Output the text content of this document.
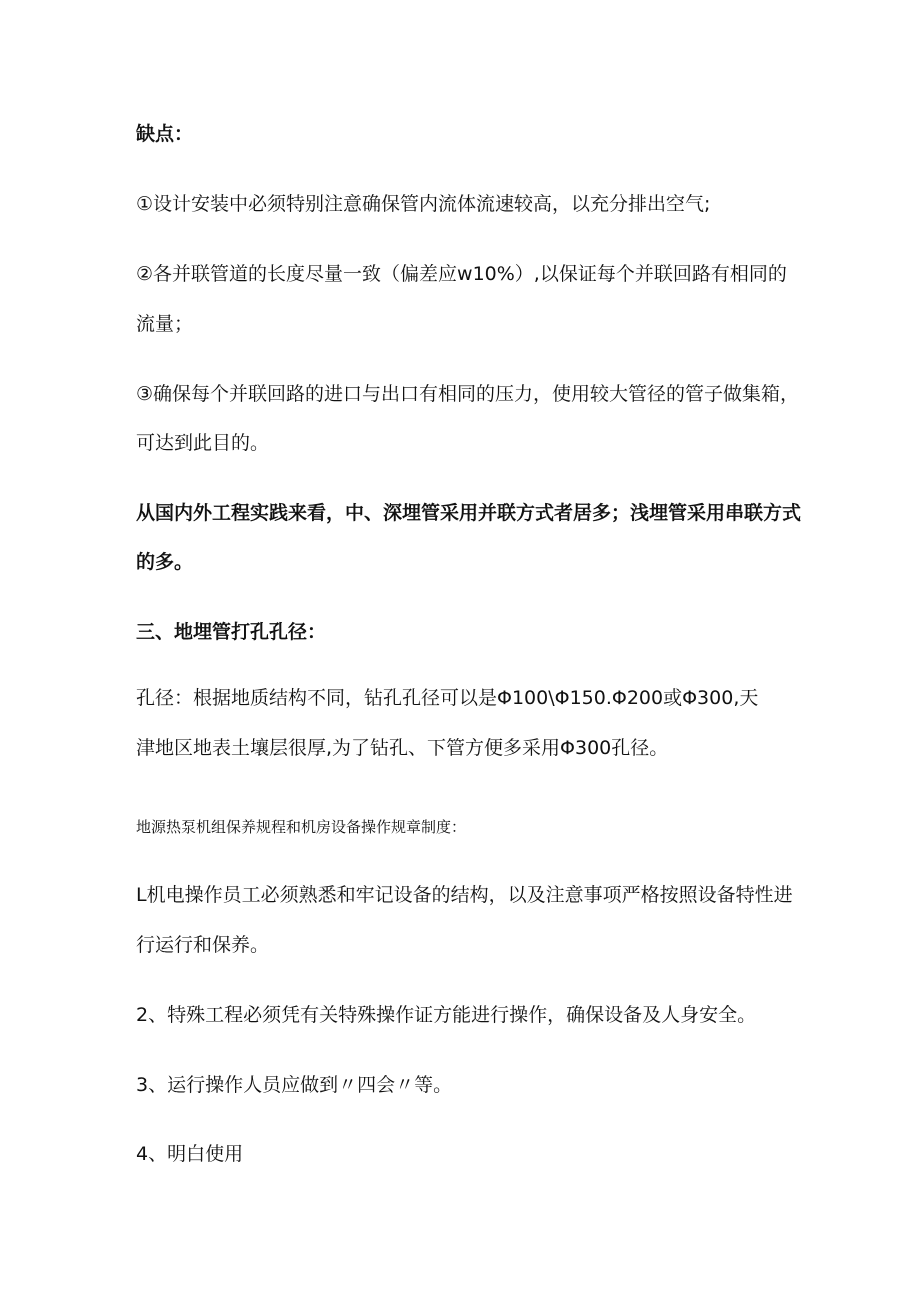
缺点：
①设计安装中必须特别注意确保管内流体流速较高，以充分排出空气;
②各并联管道的长度尽量一致（偏差应w10%）,以保证每个并联回路有相同的
流量；
③确保每个并联回路的进口与出口有相同的压力，使用较大管径的管子做集箱，
可达到此目的。
从国内外工程实践来看，中、深埋管采用并联方式者居多；浅埋管采用串联方式
的多。
三、地埋管打孔孔径：
孔径：根据地质结构不同，钻孔孔径可以是Φ100\Φ150.Φ200或Φ300,天
津地区地表土壤层很厚,为了钻孔、下管方便多采用Φ300孔径。
地源热泵机组保养规程和机房设备操作规章制度：
L机电操作员工必须熟悉和牢记设备的结构，以及注意事项严格按照设备特性进
行运行和保养。
2、特殊工程必须凭有关特殊操作证方能进行操作，确保设备及人身安全。
3、运行操作人员应做到〃四会〃等。
4、明白使用
